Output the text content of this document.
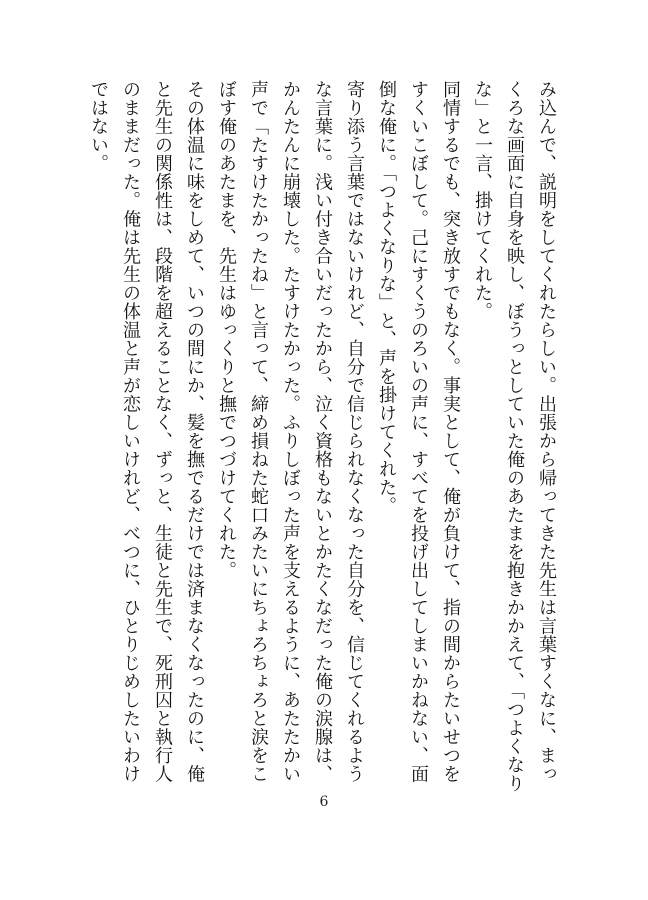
み込んで、説明をしてくれたらしい。出張から帰ってきた先生は言葉すくなに、まっくろな画面に自身を映し、ぼうっとしていた俺のあたまを抱きかかえて、「つよくなりな」と一言、掛けてくれた。

同情するでも、突き放すでもなく。事実として、俺が負けて、指の間からたいせつをすくいこぼして。己にすくうのろいの声に、すべてを投げ出してしまいかねない、面倒な俺に。「つよくなりな」と、声を掛けてくれた。

寄り添う言葉ではないけれど、自分で信じられなくなった自分を、信じてくれるような言葉に。浅い付き合いだったから、泣く資格もないとかたくなだった俺の涙腺は、かんたんに崩壊した。たすけたかった。ふりしぼった声を支えるように、あたたかい声で「たすけたかったね」と言って、締め損ねた蛇口みたいにちょろちょろと涙をこぼす俺のあたまを、先生はゆっくりと撫でつづけてくれた。

その体温に味をしめて、いつの間にか、髪を撫でるだけでは済まなくなったのに、俺と先生の関係性は、段階を超えることなく、ずっと、生徒と先生で、死刑囚と執行人のままだった。俺は先生の体温と声が恋しいけれど、べつに、ひとりじめしたいわけではない。

6
